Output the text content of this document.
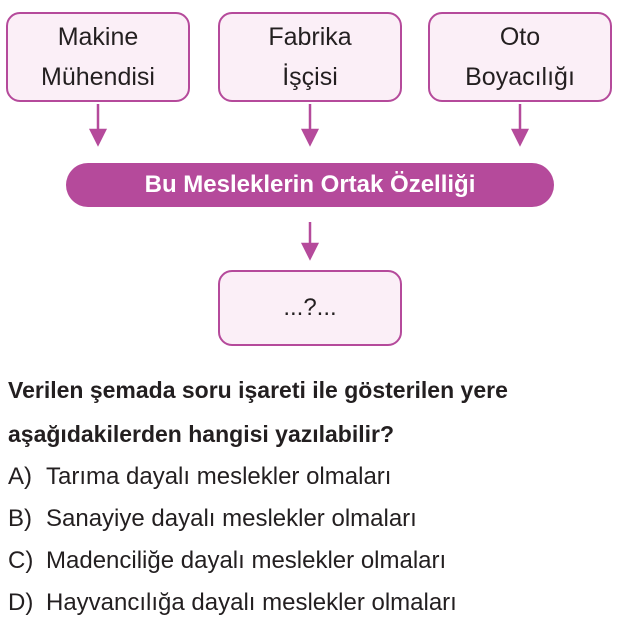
Makine
Mühendisi
Fabrika
İşçisi
Oto
Boyacılığı
Bu Mesleklerin Ortak Özelliği
...?...
Verilen şemada soru işareti ile gösterilen yere
aşağıdakilerden hangisi yazılabilir?
A) Tarıma dayalı meslekler olmaları
B) Sanayiye dayalı meslekler olmaları
C) Madenciliğe dayalı meslekler olmaları
D) Hayvancılığa dayalı meslekler olmaları
